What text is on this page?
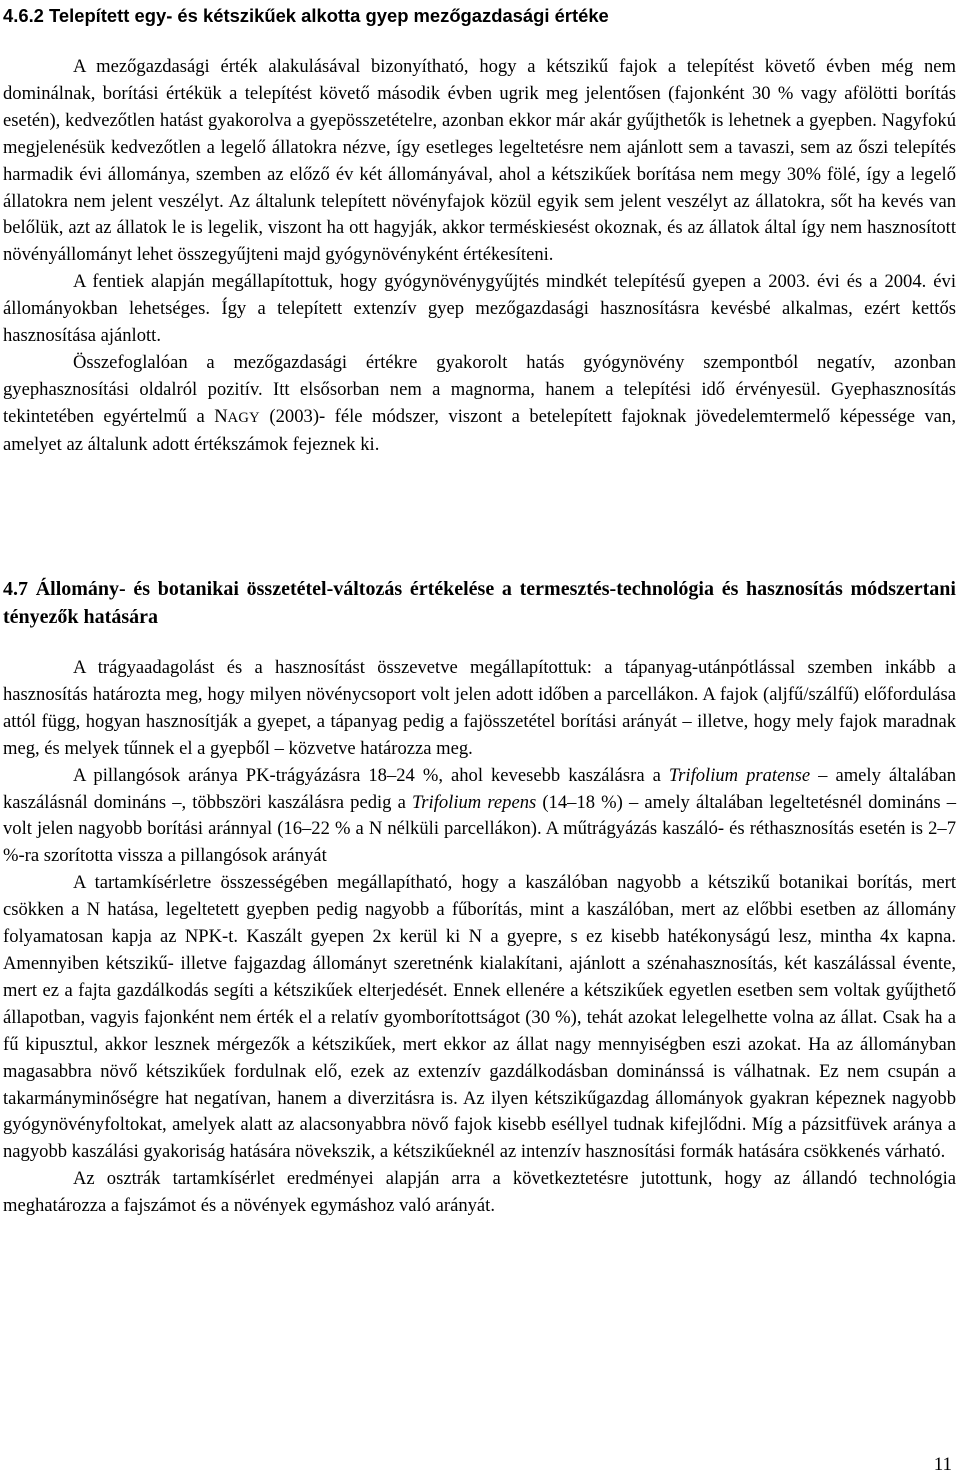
4.6.2 Telepített egy- és kétszikűek alkotta gyep mezőgazdasági értéke

A mezőgazdasági érték alakulásával bizonyítható, hogy a kétszikű fajok a telepítést követő évben még nem dominálnak, borítási értékük a telepítést követő második évben ugrik meg jelentősen (fajonként 30 % vagy afölötti borítás esetén), kedvezőtlen hatást gyakorolva a gyepösszetételre, azonban ekkor már akár gyűjthetők is lehetnek a gyepben. Nagyfokú megjelenésük kedvezőtlen a legelő állatokra nézve, így esetleges legeltetésre nem ajánlott sem a tavaszi, sem az őszi telepítés harmadik évi állománya, szemben az előző év két állományával, ahol a kétszikűek borítása nem megy 30% fölé, így a legelő állatokra nem jelent veszélyt. Az általunk telepített növényfajok közül egyik sem jelent veszélyt az állatokra, sőt ha kevés van belőlük, azt az állatok le is legelik, viszont ha ott hagyják, akkor terméskiesést okoznak, és az állatok által így nem hasznosított növényállományt lehet összegyűjteni majd gyógynövényként értékesíteni.

A fentiek alapján megállapítottuk, hogy gyógynövénygyűjtés mindkét telepítésű gyepen a 2003. évi és a 2004. évi állományokban lehetséges. Így a telepített extenzív gyep mezőgazdasági hasznosításra kevésbé alkalmas, ezért kettős hasznosítása ajánlott.

Összefoglalóan a mezőgazdasági értékre gyakorolt hatás gyógynövény szempontból negatív, azonban gyephasznosítási oldalról pozitív. Itt elsősorban nem a magnorma, hanem a telepítési idő érvényesül. Gyephasznosítás tekintetében egyértelmű a NAGY (2003)- féle módszer, viszont a betelepített fajoknak jövedelemtermelő képessége van, amelyet az általunk adott értékszámok fejeznek ki.

4.7 Állomány- és botanikai összetétel-változás értékelése a termesztés-technológia és hasznosítás módszertani tényezők hatására

A trágyaadagolást és a hasznosítást összevetve megállapítottuk: a tápanyag-utánpótlással szemben inkább a hasznosítás határozta meg, hogy milyen növénycsoport volt jelen adott időben a parcellákon. A fajok (aljfű/szálfű) előfordulása attól függ, hogyan hasznosítják a gyepet, a tápanyag pedig a fajösszetétel borítási arányát – illetve, hogy mely fajok maradnak meg, és melyek tűnnek el a gyepből – közvetve határozza meg.

A pillangósok aránya PK-trágyázásra 18–24 %, ahol kevesebb kaszálásra a Trifolium pratense – amely általában kaszálásnál domináns –, többszöri kaszálásra pedig a Trifolium repens (14–18 %) – amely általában legeltetésnél domináns – volt jelen nagyobb borítási aránnyal (16–22 % a N nélküli parcellákon). A műtrágyázás kaszáló- és réthasznosítás esetén is 2–7 %-ra szorította vissza a pillangósok arányát

A tartamkísérletre összességében megállapítható, hogy a kaszálóban nagyobb a kétszikű botanikai borítás, mert csökken a N hatása, legeltetett gyepben pedig nagyobb a fűborítás, mint a kaszálóban, mert az előbbi esetben az állomány folyamatosan kapja az NPK-t. Kaszált gyepen 2x kerül ki N a gyepre, s ez kisebb hatékonyságú lesz, mintha 4x kapna. Amennyiben kétszikű- illetve fajgazdag állományt szeretnénk kialakítani, ajánlott a szénahasznosítás, két kaszálással évente, mert ez a fajta gazdálkodás segíti a kétszikűek elterjedését. Ennek ellenére a kétszikűek egyetlen esetben sem voltak gyűjthető állapotban, vagyis fajonként nem érték el a relatív gyomborítottságot (30 %), tehát azokat lelegelhette volna az állat. Csak ha a fű kipusztul, akkor lesznek mérgezők a kétszikűek, mert ekkor az állat nagy mennyiségben eszi azokat. Ha az állományban magasabbra növő kétszikűek fordulnak elő, ezek az extenzív gazdálkodásban dominánssá is válhatnak. Ez nem csupán a takarmányminőségre hat negatívan, hanem a diverzitásra is. Az ilyen kétszikűgazdag állományok gyakran képeznek nagyobb gyógynövényfoltokat, amelyek alatt az alacsonyabbra növő fajok kisebb eséllyel tudnak kifejlődni. Míg a pázsitfüvek aránya a nagyobb kaszálási gyakoriság hatására növekszik, a kétszikűeknél az intenzív hasznosítási formák hatására csökkenés várható.

Az osztrák tartamkísérlet eredményei alapján arra a következtetésre jutottunk, hogy az állandó technológia meghatározza a fajszámot és a növények egymáshoz való arányát.

11
